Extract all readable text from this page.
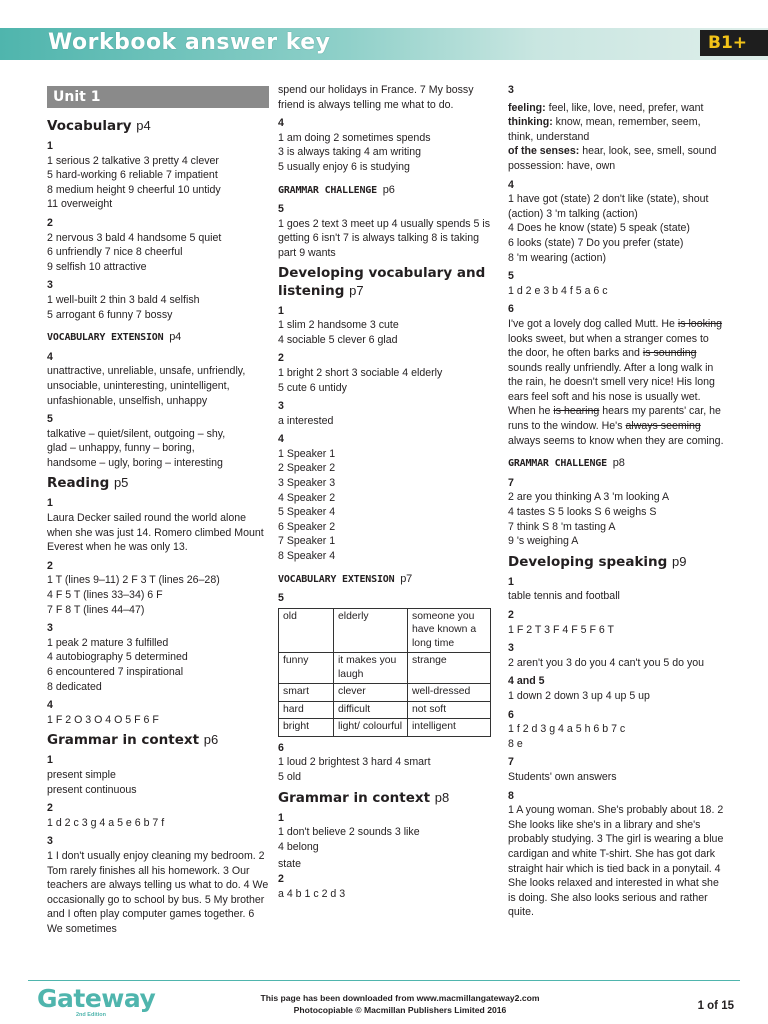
Workbook answer key	B1+
Unit 1
Vocabulary p4
1

1 serious 2 talkative 3 pretty 4 clever

5 hard-working 6 reliable 7 impatient

8 medium height 9 cheerful 10 untidy

11 overweight

2

2 nervous 3 bald 4 handsome 5 quiet

6 unfriendly 7 nice 8 cheerful

9 selfish 10 attractive

3

1 well-built 2 thin 3 bald 4 selfish

5 arrogant 6 funny 7 bossy

VOCABULARY EXTENSION p4
4

unattractive, unreliable, unsafe, unfriendly, unsociable, uninteresting, unintelligent, unfashionable, unselfish, unhappy

5

talkative – quiet/silent, outgoing – shy,

glad – unhappy, funny – boring,

handsome – ugly, boring – interesting

Reading p5
1

Laura Decker sailed round the world alone when she was just 14. Romero climbed Mount Everest when he was only 13.

2

1 T (lines 9–11) 2 F 3 T (lines 26–28)

4 F 5 T (lines 33–34) 6 F

7 F 8 T (lines 44–47)

3

1 peak 2 mature 3 fulfilled

4 autobiography 5 determined

6 encountered 7 inspirational

8 dedicated

4

1 F 2 O 3 O 4 O 5 F 6 F

Grammar in context p6
1

present simple

present continuous

2

1 d 2 c 3 g 4 a 5 e 6 b 7 f

3

1 I don't usually enjoy cleaning my bedroom. 2 Tom rarely finishes all his homework. 3 Our teachers are always telling us what to do. 4 We occasionally go to school by bus. 5 My brother and I often play computer games together. 6 We sometimes

spend our holidays in France. 7 My bossy friend is always telling me what to do.

4

1 am doing 2 sometimes spends

3 is always taking 4 am writing

5 usually enjoy 6 is studying

GRAMMAR CHALLENGE p6
5

1 goes 2 text 3 meet up 4 usually spends 5 is getting 6 isn't 7 is always talking 8 is taking part 9 wants

Developing vocabulary and listening p7
1

1 slim 2 handsome 3 cute

4 sociable 5 clever 6 glad

2

1 bright 2 short 3 sociable 4 elderly

5 cute 6 untidy

3

a interested

4

1 Speaker 1

2 Speaker 2

3 Speaker 3

4 Speaker 2

5 Speaker 4

6 Speaker 2

7 Speaker 1

8 Speaker 4

VOCABULARY EXTENSION p7
5
old	elderly	someone you have known a long time
funny	it makes you laugh	strange
smart	clever	well-dressed
hard	difficult	not soft
bright	light/ colourful	intelligent
6

1 loud 2 brightest 3 hard 4 smart

5 old

Grammar in context p8
1

1 don't believe 2 sounds 3 like

4 belong

state

2

a 4 b 1 c 2 d 3

3

feeling: feel, like, love, need, prefer, want

thinking: know, mean, remember, seem, think, understand

of the senses: hear, look, see, smell, sound

possession: have, own

4

1 have got (state) 2 don't like (state), shout (action) 3 'm talking (action)

4 Does he know (state) 5 speak (state)

6 looks (state) 7 Do you prefer (state)

8 'm wearing (action)

5

1 d 2 e 3 b 4 f 5 a 6 c

6

I've got a lovely dog called Mutt. He is looking looks sweet, but when a stranger comes to the door, he often barks and is sounding sounds really unfriendly. After a long walk in the rain, he doesn't smell very nice! His long ears feel soft and his nose is usually wet. When he is hearing hears my parents' car, he runs to the window. He's always seeming always seems to know when they are coming.

GRAMMAR CHALLENGE p8
7

2 are you thinking A 3 'm looking A

4 tastes S 5 looks S 6 weighs S

7 think S 8 'm tasting A

9 's weighing A

Developing speaking p9
1

table tennis and football

2

1 F 2 T 3 F 4 F 5 F 6 T

3

2 aren't you 3 do you 4 can't you 5 do you

4 and 5

1 down 2 down 3 up 4 up 5 up

6

1 f 2 d 3 g 4 a 5 h 6 b 7 c

8 e

7

Students' own answers

8

1 A young woman. She's probably about 18. 2 She looks like she's in a library and she's probably studying. 3 The girl is wearing a blue cardigan and white T-shirt. She has got dark straight hair which is tied back in a ponytail. 4 She looks relaxed and interested in what she is doing. She also looks serious and rather quite.

Gateway
2nd Edition

This page has been downloaded from www.macmillangateway2.com

Photocopiable © Macmillan Publishers Limited 2016	1 of 15
